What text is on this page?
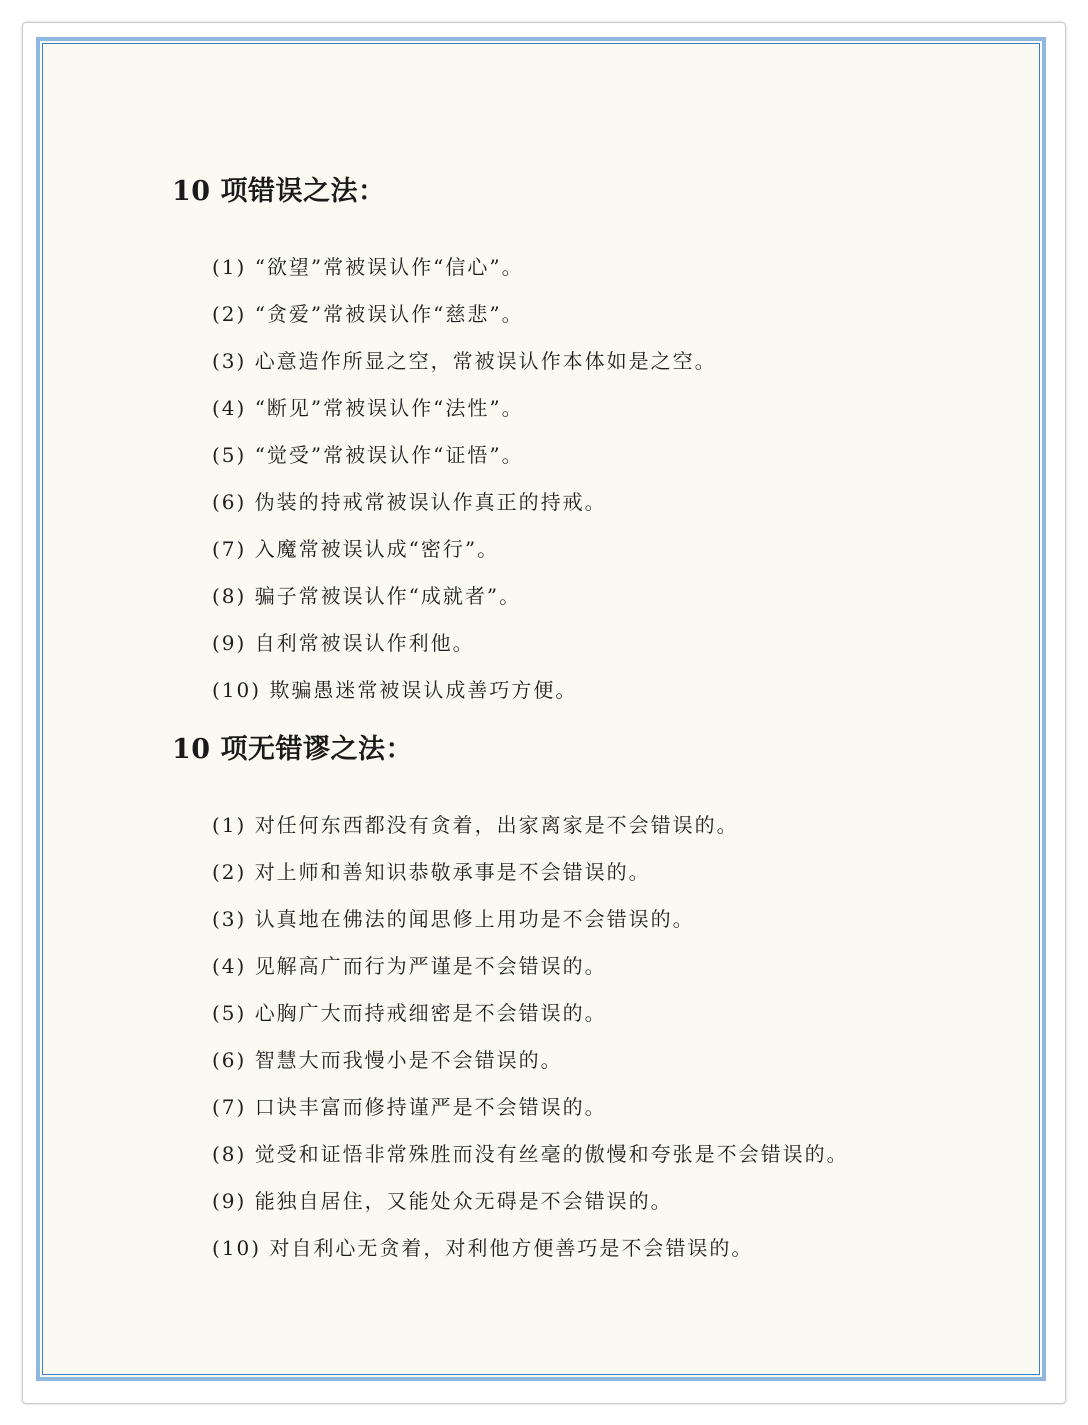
10 项错误之法：
(1) “欲望”常被误认作“信心”。
(2) “贪爱”常被误认作“慈悲”。
(3) 心意造作所显之空，常被误认作本体如是之空。
(4) “断见”常被误认作“法性”。
(5) “觉受”常被误认作“证悟”。
(6) 伪装的持戒常被误认作真正的持戒。
(7) 入魔常被误认成“密行”。
(8) 骗子常被误认作“成就者”。
(9) 自利常被误认作利他。
(10) 欺骗愚迷常被误认成善巧方便。
10 项无错谬之法：
(1) 对任何东西都没有贪着，出家离家是不会错误的。
(2) 对上师和善知识恭敬承事是不会错误的。
(3) 认真地在佛法的闻思修上用功是不会错误的。
(4) 见解高广而行为严谨是不会错误的。
(5) 心胸广大而持戒细密是不会错误的。
(6) 智慧大而我慢小是不会错误的。
(7) 口诀丰富而修持谨严是不会错误的。
(8) 觉受和证悟非常殊胜而没有丝毫的傲慢和夸张是不会错误的。
(9) 能独自居住，又能处众无碍是不会错误的。
(10) 对自利心无贪着，对利他方便善巧是不会错误的。
